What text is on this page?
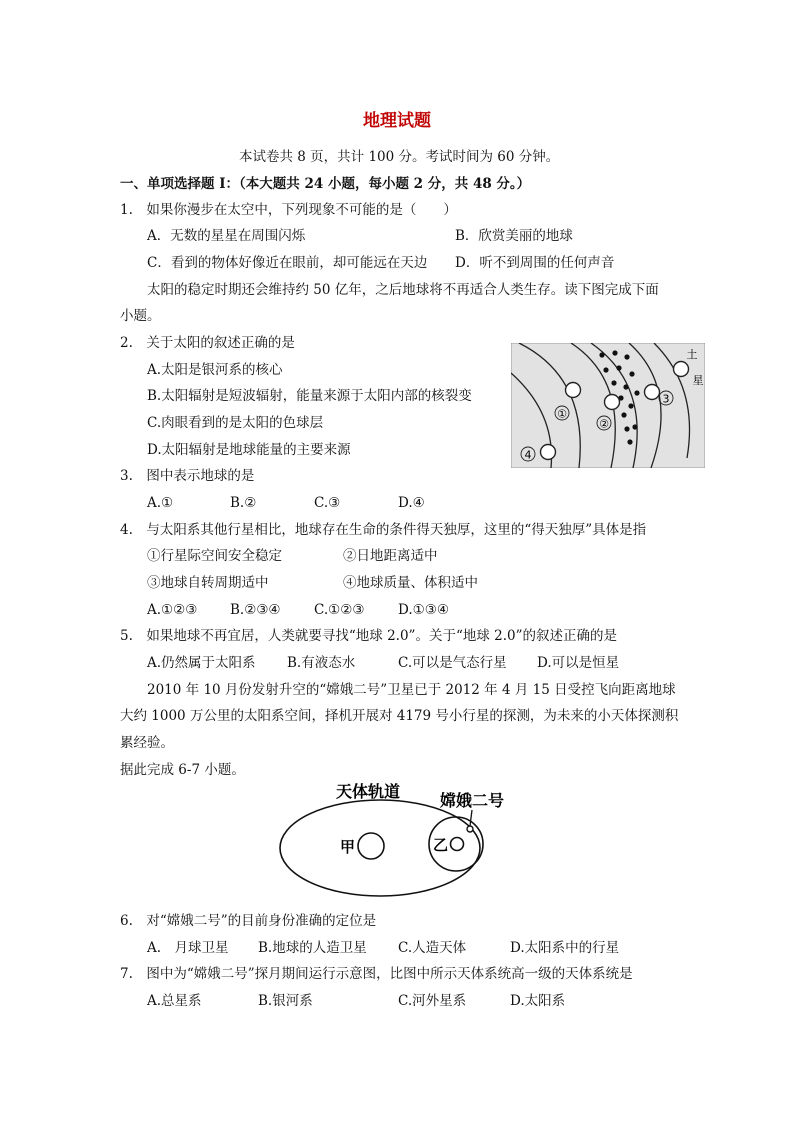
地理试题
本试卷共 8 页，共计 100 分。考试时间为 60 分钟。
一、单项选择题 I：（本大题共 24 小题，每小题 2 分，共 48 分。）
1.　如果你漫步在太空中，下列现象不可能的是（　　）
A．无数的星星在周围闪烁	B．欣赏美丽的地球
C．看到的物体好像近在眼前，却可能远在天边 D．听不到周围的任何声音
太阳的稳定时期还会维持约 50 亿年，之后地球将不再适合人类生存。读下图完成下面
小题。
2.　关于太阳的叙述正确的是
A.太阳是银河系的核心
B.太阳辐射是短波辐射，能量来源于太阳内部的核裂变
C.肉眼看到的是太阳的色球层
D.太阳辐射是地球能量的主要来源
①
②
3
4
土
星
3.　图中表示地球的是
A.①	B.②	C.③	D.④
4.　与太阳系其他行星相比，地球存在生命的条件得天独厚，这里的“得天独厚”具体是指
①行星际空间安全稳定	②日地距离适中
③地球自转周期适中	④地球质量、体积适中
A.①②③ B.②③④ C.①②③ D.①③④
5.　如果地球不再宜居，人类就要寻找“地球 2.0”。关于“地球 2.0”的叙述正确的是
A.仍然属于太阳系 B.有液态水	C.可以是气态行星 D.可以是恒星
2010 年 10 月份发射升空的“嫦娥二号”卫星已于 2012 年 4 月 15 日受控飞向距离地球
大约 1000 万公里的太阳系空间，择机开展对 4179 号小行星的探测，为未来的小天体探测积
累经验。
据此完成 6-7 小题。
天体轨道 嫦娥二号
甲	乙
6.　对“嫦娥二号”的目前身份准确的定位是
A.　月球卫星 B.地球的人造卫星 C.人造天体	D.太阳系中的行星
7.　图中为“嫦娥二号”探月期间运行示意图，比图中所示天体系统高一级的天体系统是
A.总星系	B.银河系	C.河外星系	D.太阳系
